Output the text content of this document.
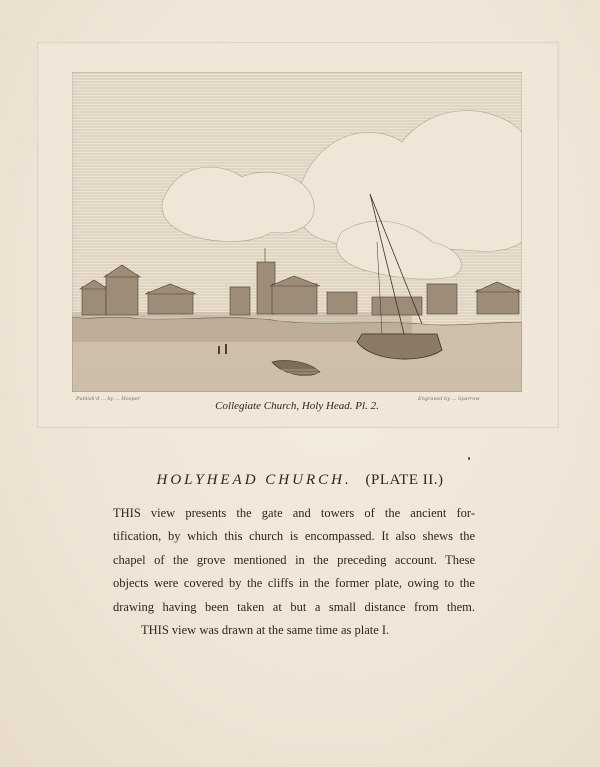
Publish'd ... by ... Hooper	Engraved by ... Sparrow
Collegiate Church, Holy Head. Pl. 2.
HOLYHEAD CHURCH. (PLATE II.)
THIS view presents the gate and towers of the ancient for-
tification, by which this church is encompassed. It also shews the
chapel of the grove mentioned in the preceding account. These
objects were covered by the cliffs in the former plate, owing to the
drawing having been taken at but a small distance from them.
THIS view was drawn at the same time as plate I.
